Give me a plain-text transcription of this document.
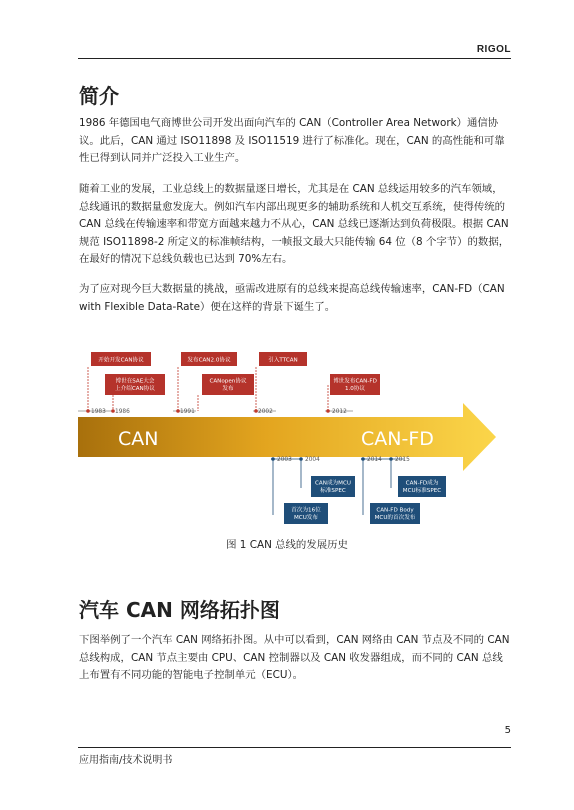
RIGOL
简介

1986 年德国电气商博世公司开发出面向汽车的 CAN（Controller Area Network）通信协议。此后，CAN 通过 ISO11898 及 ISO11519 进行了标准化。现在，CAN 的高性能和可靠性已得到认同并广泛投入工业生产。

随着工业的发展，工业总线上的数据量逐日增长，尤其是在 CAN 总线运用较多的汽车领域，总线通讯的数据量愈发庞大。例如汽车内部出现更多的辅助系统和人机交互系统，使得传统的 CAN 总线在传输速率和带宽方面越来越力不从心，CAN 总线已逐渐达到负荷极限。根据 CAN 规范 ISO11898-2 所定义的标准帧结构，一帧报文最大只能传输 64 位（8 个字节）的数据，在最好的情况下总线负载也已达到 70%左右。

为了应对现今巨大数据量的挑战，亟需改进原有的总线来提高总线传输速率，CAN-FD（CAN with Flexible Data-Rate）便在这样的背景下诞生了。

开始开发CAN协议
博世在SAE大会上介绍CAN协议
发布CAN2.0协议
CANopen协议发布
引入TTCAN
博世发布CAN-FD 1.0协议
1983 1986	1991	2002	2012
CAN	CAN-FD
2003 2004	2014 2015
CAN成为MCU 标准SPEC
首次为16位 MCU发布
CAN-FD成为 MCU标准SPEC
CAN-FD Body MCU的首次发布
图 1 CAN 总线的发展历史
汽车 CAN 网络拓扑图

下图举例了一个汽车 CAN 网络拓扑图。从中可以看到，CAN 网络由 CAN 节点及不同的 CAN 总线构成，CAN 节点主要由 CPU、CAN 控制器以及 CAN 收发器组成，而不同的 CAN 总线上布置有不同功能的智能电子控制单元（ECU）。

5
应用指南/技术说明书
